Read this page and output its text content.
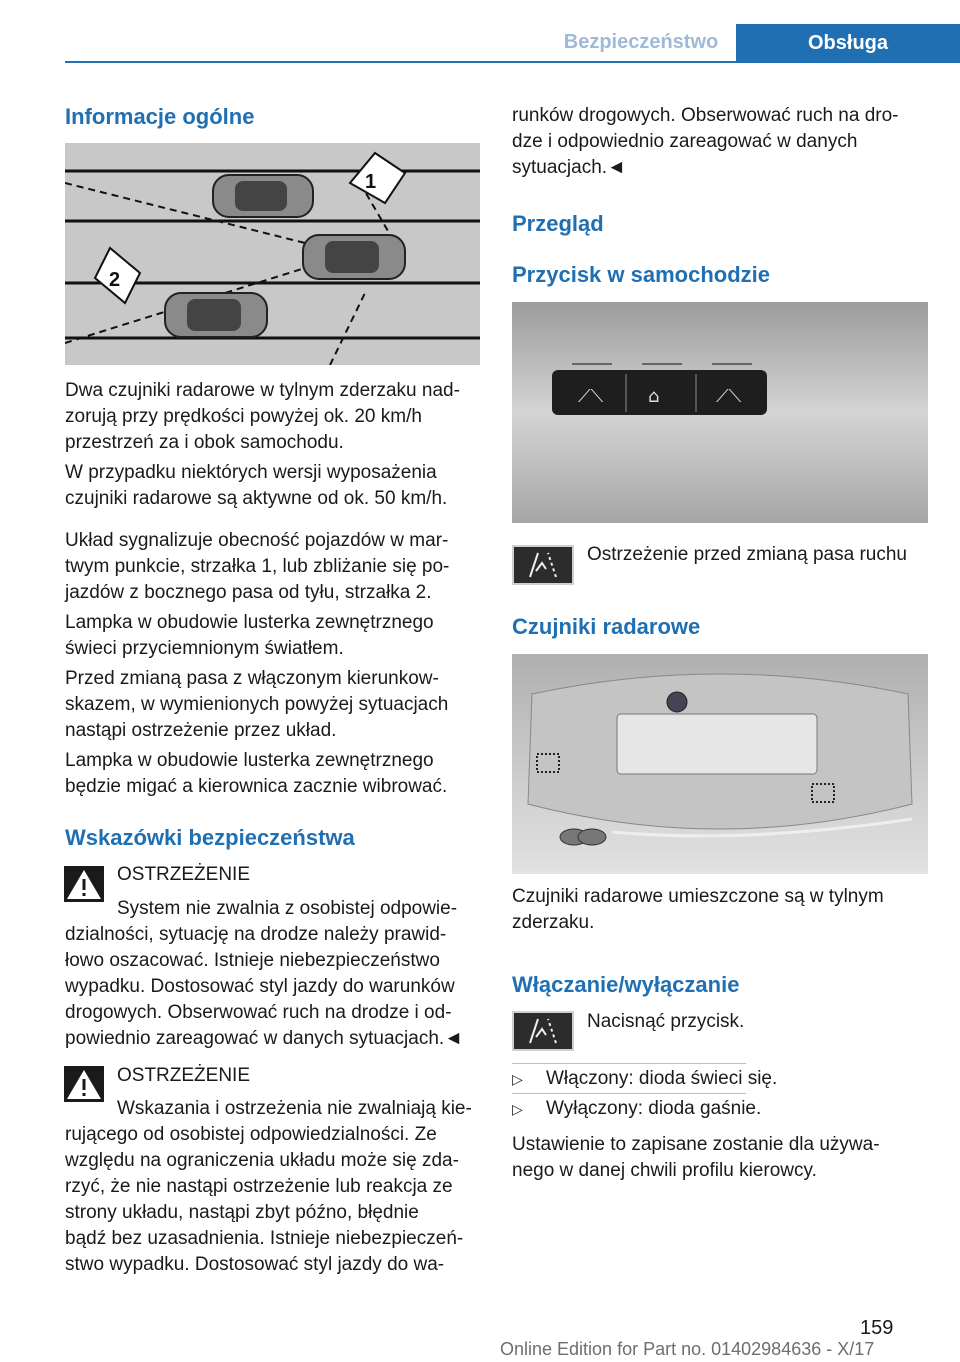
Bezpieczeństwo	Obsługa
Informacje ogólne
1
2

Dwa czujniki radarowe w tylnym zderzaku nad-
zorują przy prędkości powyżej ok. 20 km/h
przestrzeń za i obok samochodu.

W przypadku niektórych wersji wyposażenia
czujniki radarowe są aktywne od ok. 50 km/h.

Układ sygnalizuje obecność pojazdów w mar-
twym punkcie, strzałka 1, lub zbliżanie się po-
jazdów z bocznego pasa od tyłu, strzałka 2.

Lampka w obudowie lusterka zewnętrznego
świeci przyciemnionym światłem.

Przed zmianą pasa z włączonym kierunkow-
skazem, w wymienionych powyżej sytuacjach
nastąpi ostrzeżenie przez układ.

Lampka w obudowie lusterka zewnętrznego
będzie migać a kierownica zacznie wibrować.

Wskazówki bezpieczeństwa
OSTRZEŻENIE
System nie zwalnia z osobistej odpowie-

dzialności, sytuację na drodze należy prawid-
łowo oszacować. Istnieje niebezpieczeństwo
wypadku. Dostosować styl jazdy do warunków
drogowych. Obserwować ruch na drodze i od-
powiednio zareagować w danych sytuacjach.◄

OSTRZEŻENIE
Wskazania i ostrzeżenia nie zwalniają kie-

rującego od osobistej odpowiedzialności. Ze
względu na ograniczenia układu może się zda-
rzyć, że nie nastąpi ostrzeżenie lub reakcja ze
strony układu, nastąpi zbyt późno, błędnie
bądź bez uzasadnienia. Istnieje niebezpieczeń-
stwo wypadku. Dostosować styl jazdy do wa-

runków drogowych. Obserwować ruch na dro-
dze i odpowiednio zareagować w danych
sytuacjach.◄

Przegląd
Przycisk w samochodzie
⟋⟍ ⌂	⟋⟍
Ostrzeżenie przed zmianą pasa ruchu
Czujniki radarowe

Czujniki radarowe umieszczone są w tylnym
zderzaku.

Włączanie/wyłączanie
Nacisnąć przycisk.
▷ Włączony: dioda świeci się.
▷ Wyłączony: dioda gaśnie.

Ustawienie to zapisane zostanie dla używa-
nego w danej chwili profilu kierowcy.

159
Online Edition for Part no. 01402984636 - X/17
